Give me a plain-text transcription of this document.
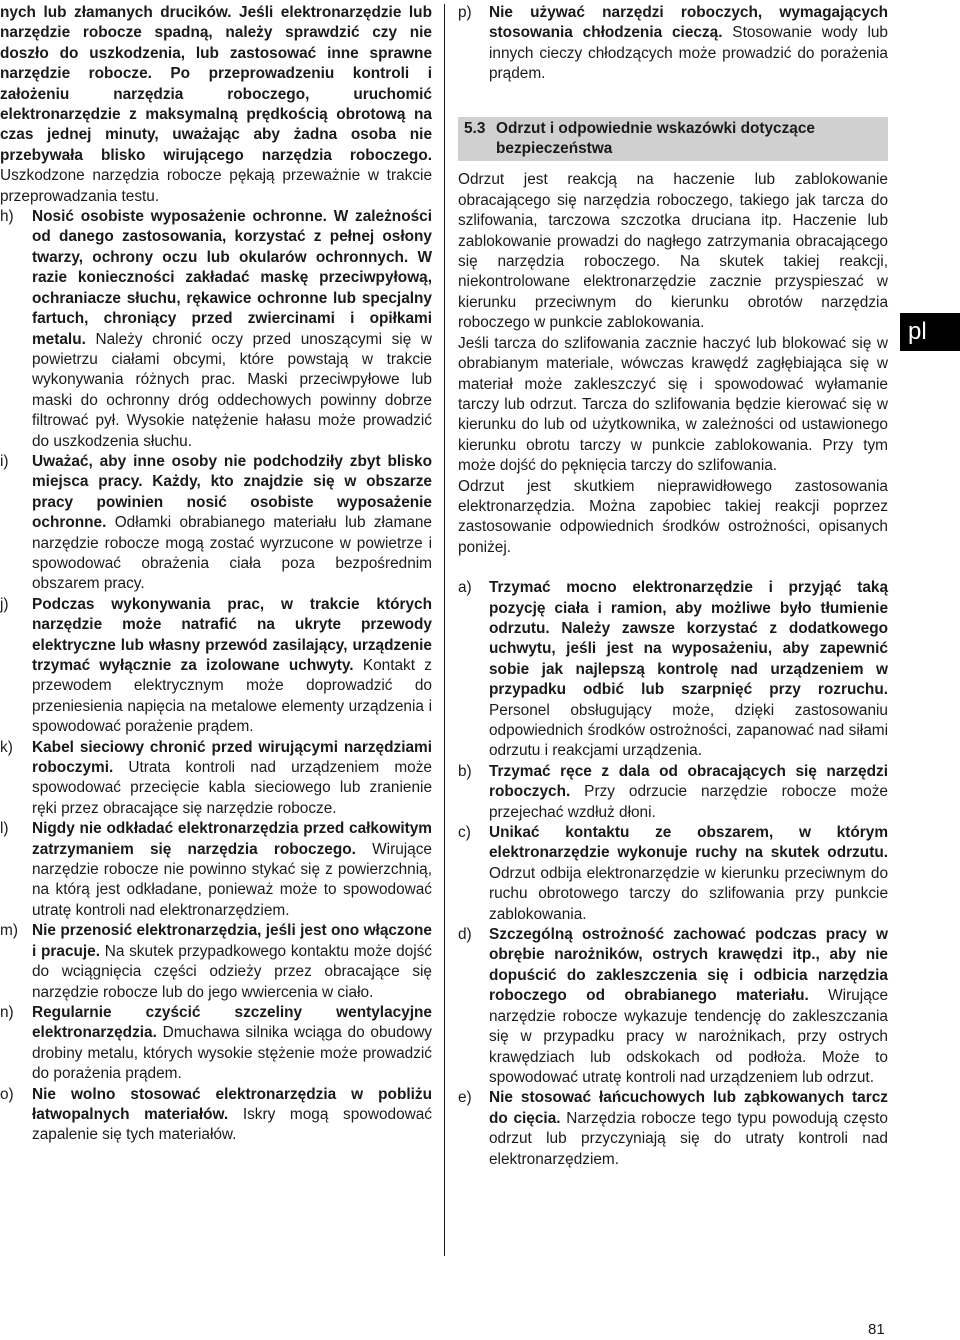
nych lub złamanych drucików. Jeśli elektronarzędzie lub narzędzie robocze spadną, należy sprawdzić czy nie doszło do uszkodzenia, lub zastosować inne sprawne narzędzie robocze. Po przeprowadzeniu kontroli i założeniu narzędzia roboczego, uruchomić elektronarzędzie z maksymalną prędkością obrotową na czas jednej minuty, uważając aby żadna osoba nie przebywała blisko wirującego narzędzia roboczego. Uszkodzone narzędzia robocze pękają przeważnie w trakcie przeprowadzania testu.

h) Nosić osobiste wyposażenie ochronne. W zależności od danego zastosowania, korzystać z pełnej osłony twarzy, ochrony oczu lub okularów ochronnych. W razie konieczności zakładać maskę przeciwpyłową, ochraniacze słuchu, rękawice ochronne lub specjalny fartuch, chroniący przed zwiercinami i opiłkami metalu. Należy chronić oczy przed unoszącymi się w powietrzu ciałami obcymi, które powstają w trakcie wykonywania różnych prac. Maski przeciwpyłowe lub maski do ochronny dróg oddechowych powinny dobrze filtrować pył. Wysokie natężenie hałasu może prowadzić do uszkodzenia słuchu.

i) Uważać, aby inne osoby nie podchodziły zbyt blisko miejsca pracy. Każdy, kto znajdzie się w obszarze pracy powinien nosić osobiste wyposażenie ochronne. Odłamki obrabianego materiału lub złamane narzędzie robocze mogą zostać wyrzucone w powietrze i spowodować obrażenia ciała poza bezpośrednim obszarem pracy.

j) Podczas wykonywania prac, w trakcie których narzędzie może natrafić na ukryte przewody elektryczne lub własny przewód zasilający, urządzenie trzymać wyłącznie za izolowane uchwyty. Kontakt z przewodem elektrycznym może doprowadzić do przeniesienia napięcia na metalowe elementy urządzenia i spowodować porażenie prądem.

k) Kabel sieciowy chronić przed wirującymi narzędziami roboczymi. Utrata kontroli nad urządzeniem może spowodować przecięcie kabla sieciowego lub zranienie ręki przez obracające się narzędzie robocze.

l) Nigdy nie odkładać elektronarzędzia przed całkowitym zatrzymaniem się narzędzia roboczego. Wirujące narzędzie robocze nie powinno stykać się z powierzchnią, na którą jest odkładane, ponieważ może to spowodować utratę kontroli nad elektronarzędziem.

m) Nie przenosić elektronarzędzia, jeśli jest ono włączone i pracuje. Na skutek przypadkowego kontaktu może dojść do wciągnięcia części odzieży przez obracające się narzędzie robocze lub do jego wwiercenia w ciało.

n) Regularnie czyścić szczeliny wentylacyjne elektronarzędzia. Dmuchawa silnika wciąga do obudowy drobiny metalu, których wysokie stężenie może prowadzić do porażenia prądem.

o) Nie wolno stosować elektronarzędzia w pobliżu łatwopalnych materiałów. Iskry mogą spowodować zapalenie się tych materiałów.

p) Nie używać narzędzi roboczych, wymagających stosowania chłodzenia cieczą. Stosowanie wody lub innych cieczy chłodzących może prowadzić do porażenia prądem.

5.3 Odrzut i odpowiednie wskazówki dotyczące bezpieczeństwa

Odrzut jest reakcją na haczenie lub zablokowanie obracającego się narzędzia roboczego, takiego jak tarcza do szlifowania, tarczowa szczotka druciana itp. Haczenie lub zablokowanie prowadzi do nagłego zatrzymania obracającego się narzędzia roboczego. Na skutek takiej reakcji, niekontrolowane elektronarzędzie zacznie przyspieszać w kierunku przeciwnym do kierunku obrotów narzędzia roboczego w punkcie zablokowania.

Jeśli tarcza do szlifowania zacznie haczyć lub blokować się w obrabianym materiale, wówczas krawędź zagłębiająca się w materiał może zakleszczyć się i spowodować wyłamanie tarczy lub odrzut. Tarcza do szlifowania będzie kierować się w kierunku do lub od użytkownika, w zależności od ustawionego kierunku obrotu tarczy w punkcie zablokowania. Przy tym może dojść do pęknięcia tarczy do szlifowania.

Odrzut jest skutkiem nieprawidłowego zastosowania elektronarzędzia. Można zapobiec takiej reakcji poprzez zastosowanie odpowiednich środków ostrożności, opisanych poniżej.

a) Trzymać mocno elektronarzędzie i przyjąć taką pozycję ciała i ramion, aby możliwe było tłumienie odrzutu. Należy zawsze korzystać z dodatkowego uchwytu, jeśli jest na wyposażeniu, aby zapewnić sobie jak najlepszą kontrolę nad urządzeniem w przypadku odbić lub szarpnięć przy rozruchu. Personel obsługujący może, dzięki zastosowaniu odpowiednich środków ostrożności, zapanować nad siłami odrzutu i reakcjami urządzenia.

b) Trzymać ręce z dala od obracających się narzędzi roboczych. Przy odrzucie narzędzie robocze może przejechać wzdłuż dłoni.

c) Unikać kontaktu ze obszarem, w którym elektronarzędzie wykonuje ruchy na skutek odrzutu. Odrzut odbija elektronarzędzie w kierunku przeciwnym do ruchu obrotowego tarczy do szlifowania przy punkcie zablokowania.

d) Szczególną ostrożność zachować podczas pracy w obrębie narożników, ostrych krawędzi itp., aby nie dopuścić do zakleszczenia się i odbicia narzędzia roboczego od obrabianego materiału. Wirujące narzędzie robocze wykazuje tendencję do zakleszczania się w przypadku pracy w narożnikach, przy ostrych krawędziach lub odskokach od podłoża. Może to spowodować utratę kontroli nad urządzeniem lub odrzut.

e) Nie stosować łańcuchowych lub ząbkowanych tarcz do cięcia. Narzędzia robocze tego typu powodują często odrzut lub przyczyniają się do utraty kontroli nad elektronarzędziem.

pl
81
